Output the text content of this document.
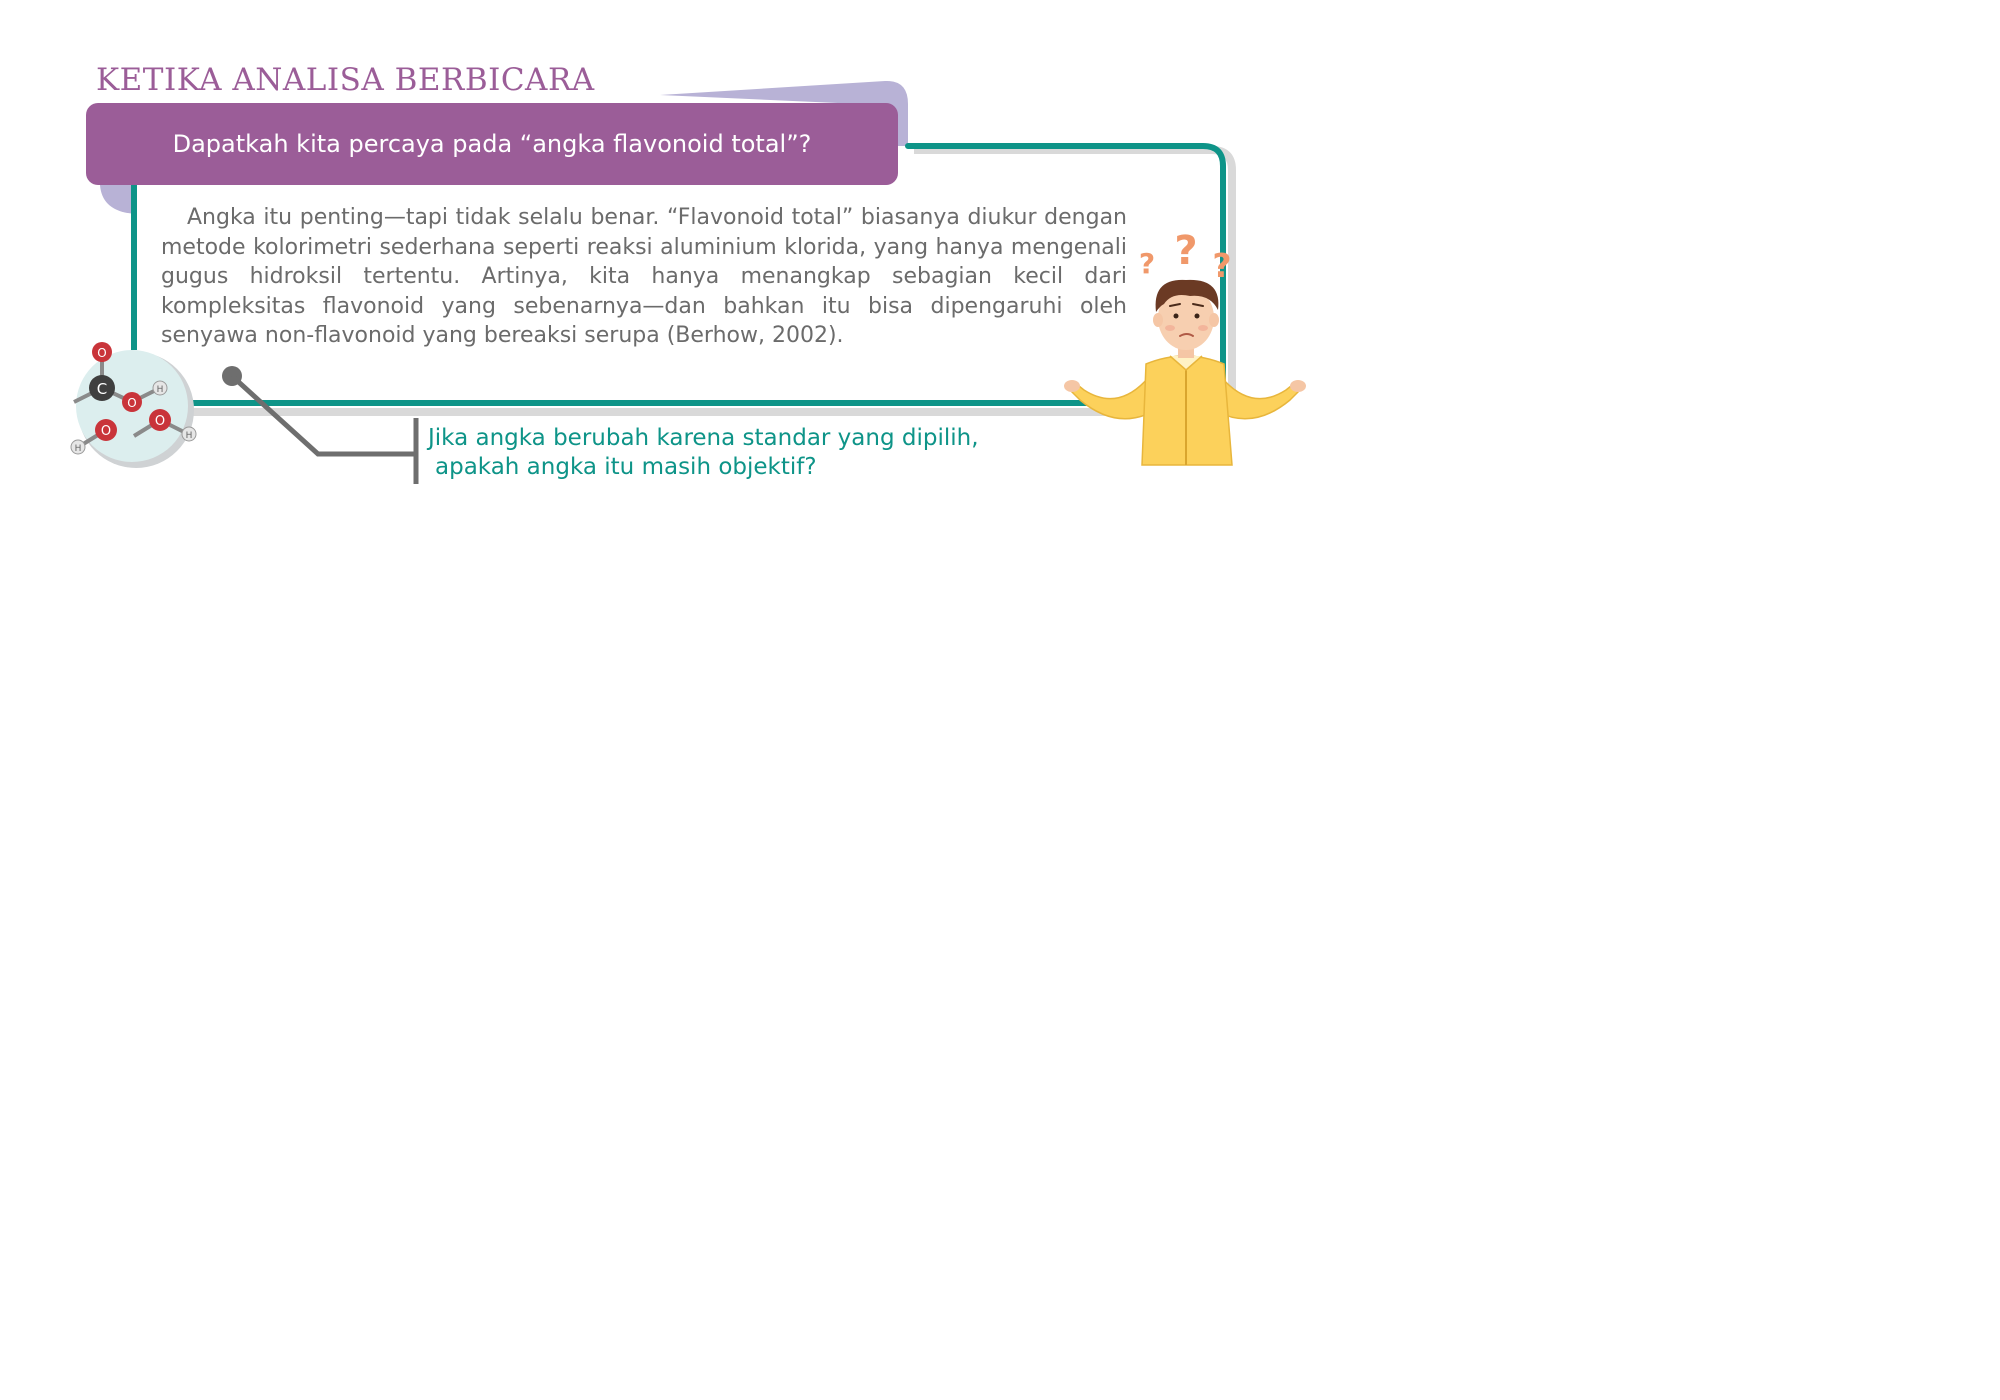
O
C
O
H
O
O
H
H
? ? ?
KETIKA ANALISA BERBICARA
Dapatkah kita percaya pada “angka flavonoid total”?

Angka itu penting—tapi tidak selalu benar. “Flavonoid total” biasanya diukur dengan metode kolorimetri sederhana seperti reaksi aluminium klorida, yang hanya mengenali gugus hidroksil tertentu. Artinya, kita hanya menangkap sebagian kecil dari kompleksitas flavonoid yang sebenarnya—dan bahkan itu bisa dipengaruhi oleh senyawa non-flavonoid yang bereaksi serupa (Berhow, 2002).

Jika angka berubah karena standar yang dipilih,
apakah angka itu masih objektif?
